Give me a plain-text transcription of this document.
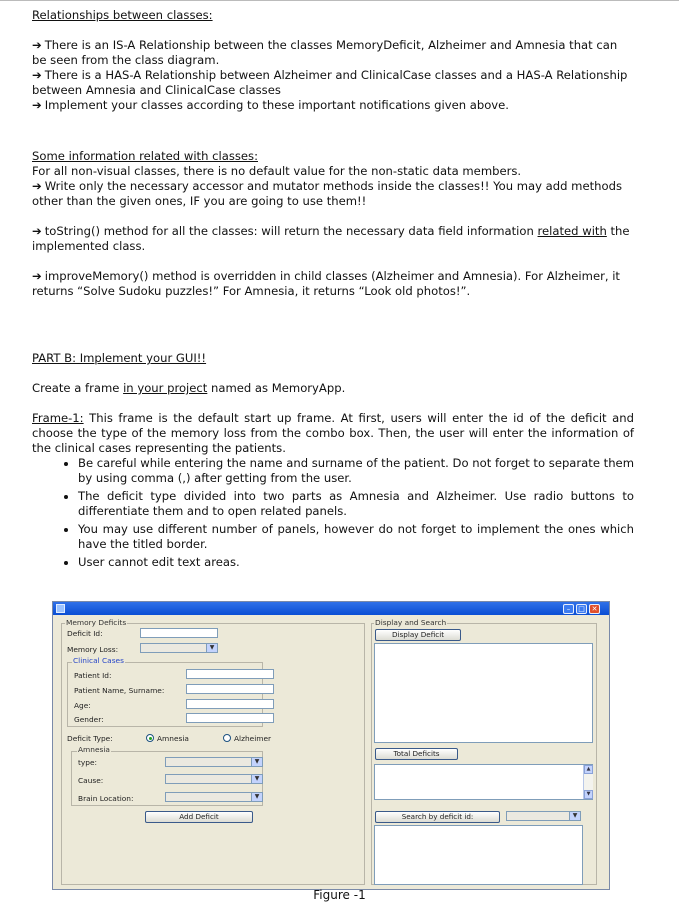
Relationships between classes:

➔ There is an IS-A Relationship between the classes MemoryDeficit, Alzheimer and Amnesia that can be seen from the class diagram.

➔ There is a HAS-A Relationship between Alzheimer and ClinicalCase classes and a HAS-A Relationship between Amnesia and ClinicalCase classes

➔ Implement your classes according to these important notifications given above.

Some information related with classes:

For all non-visual classes, there is no default value for the non-static data members.

➔ Write only the necessary accessor and mutator methods inside the classes!! You may add methods other than the given ones, IF you are going to use them!!

➔ toString() method for all the classes: will return the necessary data field information related with the implemented class.

➔ improveMemory() method is overridden in child classes (Alzheimer and Amnesia). For Alzheimer, it returns “Solve Sudoku puzzles!” For Amnesia, it returns “Look old photos!”.

PART B: Implement your GUI!!

Create a frame in your project named as MemoryApp.

Frame-1: This frame is the default start up frame. At first, users will enter the id of the deficit and choose the type of the memory loss from the combo box. Then, the user will enter the information of the clinical cases representing the patients.

• Be careful while entering the name and surname of the patient. Do not forget to separate them by using comma (,) after getting from the user.
• The deficit type divided into two parts as Amnesia and Alzheimer. Use radio buttons to differentiate them and to open related panels.
• You may use different number of panels, however do not forget to implement the ones which have the titled border.
• User cannot edit text areas.
–	□ ✕
Memory Deficits
Deficit Id:
Memory Loss:	▼
Clinical Cases
Patient Id:
Patient Name, Surname:
Age:
Gender:
Deficit Type:	Amnesia	Alzheimer
Amnesia
type:	▼
Cause:	▼
Brain Location:	▼
Add Deficit
Display and Search
Display Deficit
Total Deficits
▲
▼
Search by deficit id:	▼
Figure -1
